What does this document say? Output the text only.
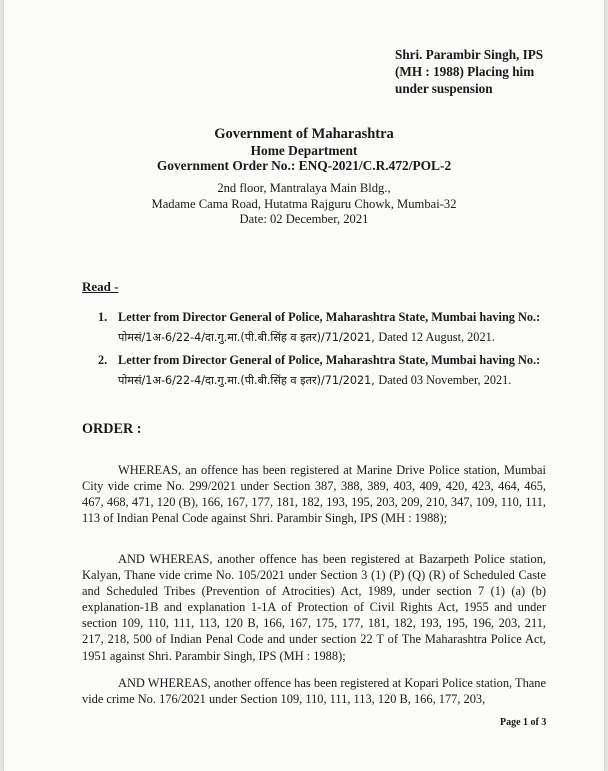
Shri. Parambir Singh, IPS (MH : 1988) Placing him under suspension
Government of Maharashtra
Home Department
Government Order No.: ENQ-2021/C.R.472/POL-2
2nd floor, Mantralaya Main Bldg.,
Madame Cama Road, Hutatma Rajguru Chowk, Mumbai-32
Date: 02 December, 2021
Read -
1. Letter from Director General of Police, Maharashtra State, Mumbai having No.:
पोमसं/1अ-6/22-4/दा.गु.मा.(पी.बी.सिंह व इतर)/71/2021, Dated 12 August, 2021.
2. Letter from Director General of Police, Maharashtra State, Mumbai having No.:
पोमसं/1अ-6/22-4/दा.गु.मा.(पी.बी.सिंह व इतर)/71/2021, Dated 03 November, 2021.
ORDER :
WHEREAS, an offence has been registered at Marine Drive Police station, Mumbai City vide crime No. 299/2021 under Section 387, 388, 389, 403, 409, 420, 423, 464, 465, 467, 468, 471, 120 (B), 166, 167, 177, 181, 182, 193, 195, 203, 209, 210, 347, 109, 110, 111, 113 of Indian Penal Code against Shri. Parambir Singh, IPS (MH : 1988);
AND WHEREAS, another offence has been registered at Bazarpeth Police station, Kalyan, Thane vide crime No. 105/2021 under Section 3 (1) (P) (Q) (R) of Scheduled Caste and Scheduled Tribes (Prevention of Atrocities) Act, 1989, under section 7 (1) (a) (b) explanation-1B and explanation 1-1A of Protection of Civil Rights Act, 1955 and under section 109, 110, 111, 113, 120 B, 166, 167, 175, 177, 181, 182, 193, 195, 196, 203, 211, 217, 218, 500 of Indian Penal Code and under section 22 T of The Maharashtra Police Act, 1951 against Shri. Parambir Singh, IPS (MH : 1988);
AND WHEREAS, another offence has been registered at Kopari Police station, Thane vide crime No. 176/2021 under Section 109, 110, 111, 113, 120 B, 166, 177, 203,
Page 1 of 3
